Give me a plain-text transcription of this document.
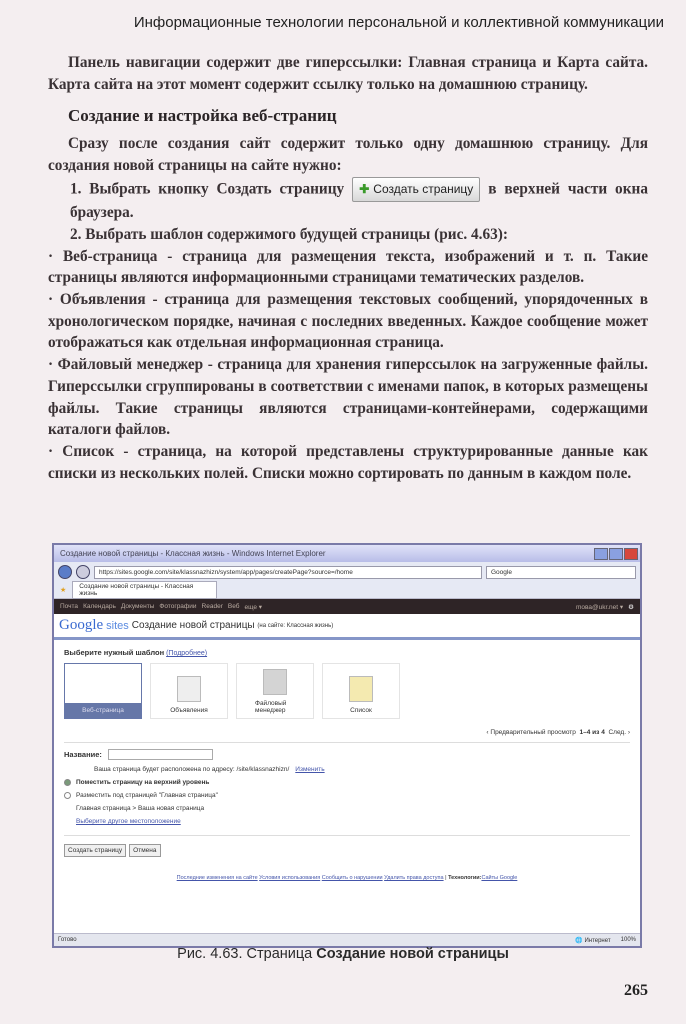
Информационные технологии персональной и коллективной коммуникации

Панель навигации содержит две гиперссылки: Главная страница и Карта сайта. Карта сайта на этот момент содержит ссылку только на домашнюю страницу.

Создание и настройка веб-страниц

Сразу после создания сайт содержит только одну домашнюю страницу. Для создания новой страницы на сайте нужно:

1. Выбрать кнопку Создать страницу ✚ Создать страницу в верхней части окна браузера.

2. Выбрать шаблон содержимого будущей страницы (рис. 4.63):

· Веб-страница - страница для размещения текста, изображений и т. п. Такие страницы являются информационными страницами тематических разделов.

· Объявления - страница для размещения текстовых сообщений, упорядоченных в хронологическом порядке, начиная с последних введенных. Каждое сообщение может отображаться как отдельная информационная страница.

· Файловый менеджер - страница для хранения гиперссылок на загруженные файлы. Гиперссылки сгруппированы в соответствии с именами папок, в которых размещены файлы. Такие страницы являются страницами-контейнерами, содержащими каталоги файлов.

· Список - страница, на которой представлены структурированные данные как списки из нескольких полей. Списки можно сортировать по данным в каждом поле.

Создание новой страницы - Классная жизнь - Windows Internet Explorer
https://sites.google.com/site/klassnazhizn/system/app/pages/createPage?source=/home	Google
★
Создание новой страницы - Классная жизнь
Почта Календарь Документы Фотографии Reader Веб еще ▾	moва@ukr.net ▾ ⚙
Google sites Создание новой страницы
(на сайте: Классная жизнь)
Выберите нужный шаблон (Подробнее)
Веб-страница	Объявления
Файловый менеджер	Список
‹ Предварительный просмотр 1–4 из 4 След. ›
Название:
Ваша страница будет расположена по адресу: /site/klassnazhizn/ Изменить
Поместить страницу на верхний уровень
Разместить под страницей "Главная страница"
Главная страница > Ваша новая страница
Выберите другое местоположение
Создать страницу	Отмена
Последние изменения на сайте Условия использования Сообщить о нарушении Удалить права доступа | Технологии:Сайты Google
Готово	🌐 Интернет 100%
Рис. 4.63. Страница Создание новой страницы
265
